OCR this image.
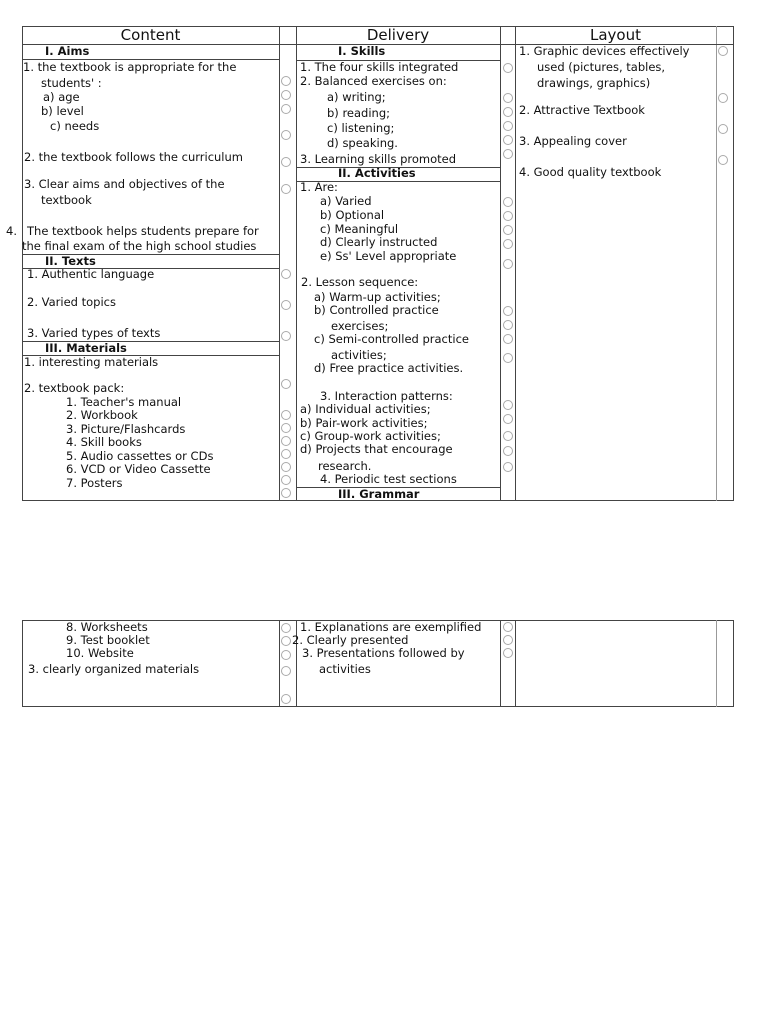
Content	Delivery	Layout
I. Aims
1. the textbook is appropriate for the
students' :
a) age
b) level
c) needs
2. the textbook follows the curriculum
3. Clear aims and objectives of the
textbook
4. The textbook helps students prepare for
the final exam of the high school studies
II. Texts
1. Authentic language
2. Varied topics
3. Varied types of texts
III. Materials
1. interesting materials
2. textbook pack:
1. Teacher's manual
2. Workbook
3. Picture/Flashcards
4. Skill books
5. Audio cassettes or CDs
6. VCD or Video Cassette
7. Posters
I. Skills
1. The four skills integrated
2. Balanced exercises on:
a) writing;
b) reading;
c) listening;
d) speaking.
3. Learning skills promoted
II. Activities
1. Are:
a) Varied
b) Optional
c) Meaningful
d) Clearly instructed
e) Ss' Level appropriate
2. Lesson sequence:
a) Warm-up activities;
b) Controlled practice
exercises;
c) Semi-controlled practice
activities;
d) Free practice activities.
3. Interaction patterns:
a) Individual activities;
b) Pair-work activities;
c) Group-work activities;
d) Projects that encourage
research.
4. Periodic test sections
III. Grammar
1. Graphic devices effectively
used (pictures, tables,
drawings, graphics)
2. Attractive Textbook
3. Appealing cover
4. Good quality textbook
8. Worksheets
9. Test booklet
10. Website
3. clearly organized materials
1. Explanations are exemplified
2. Clearly presented
3. Presentations followed by
activities
